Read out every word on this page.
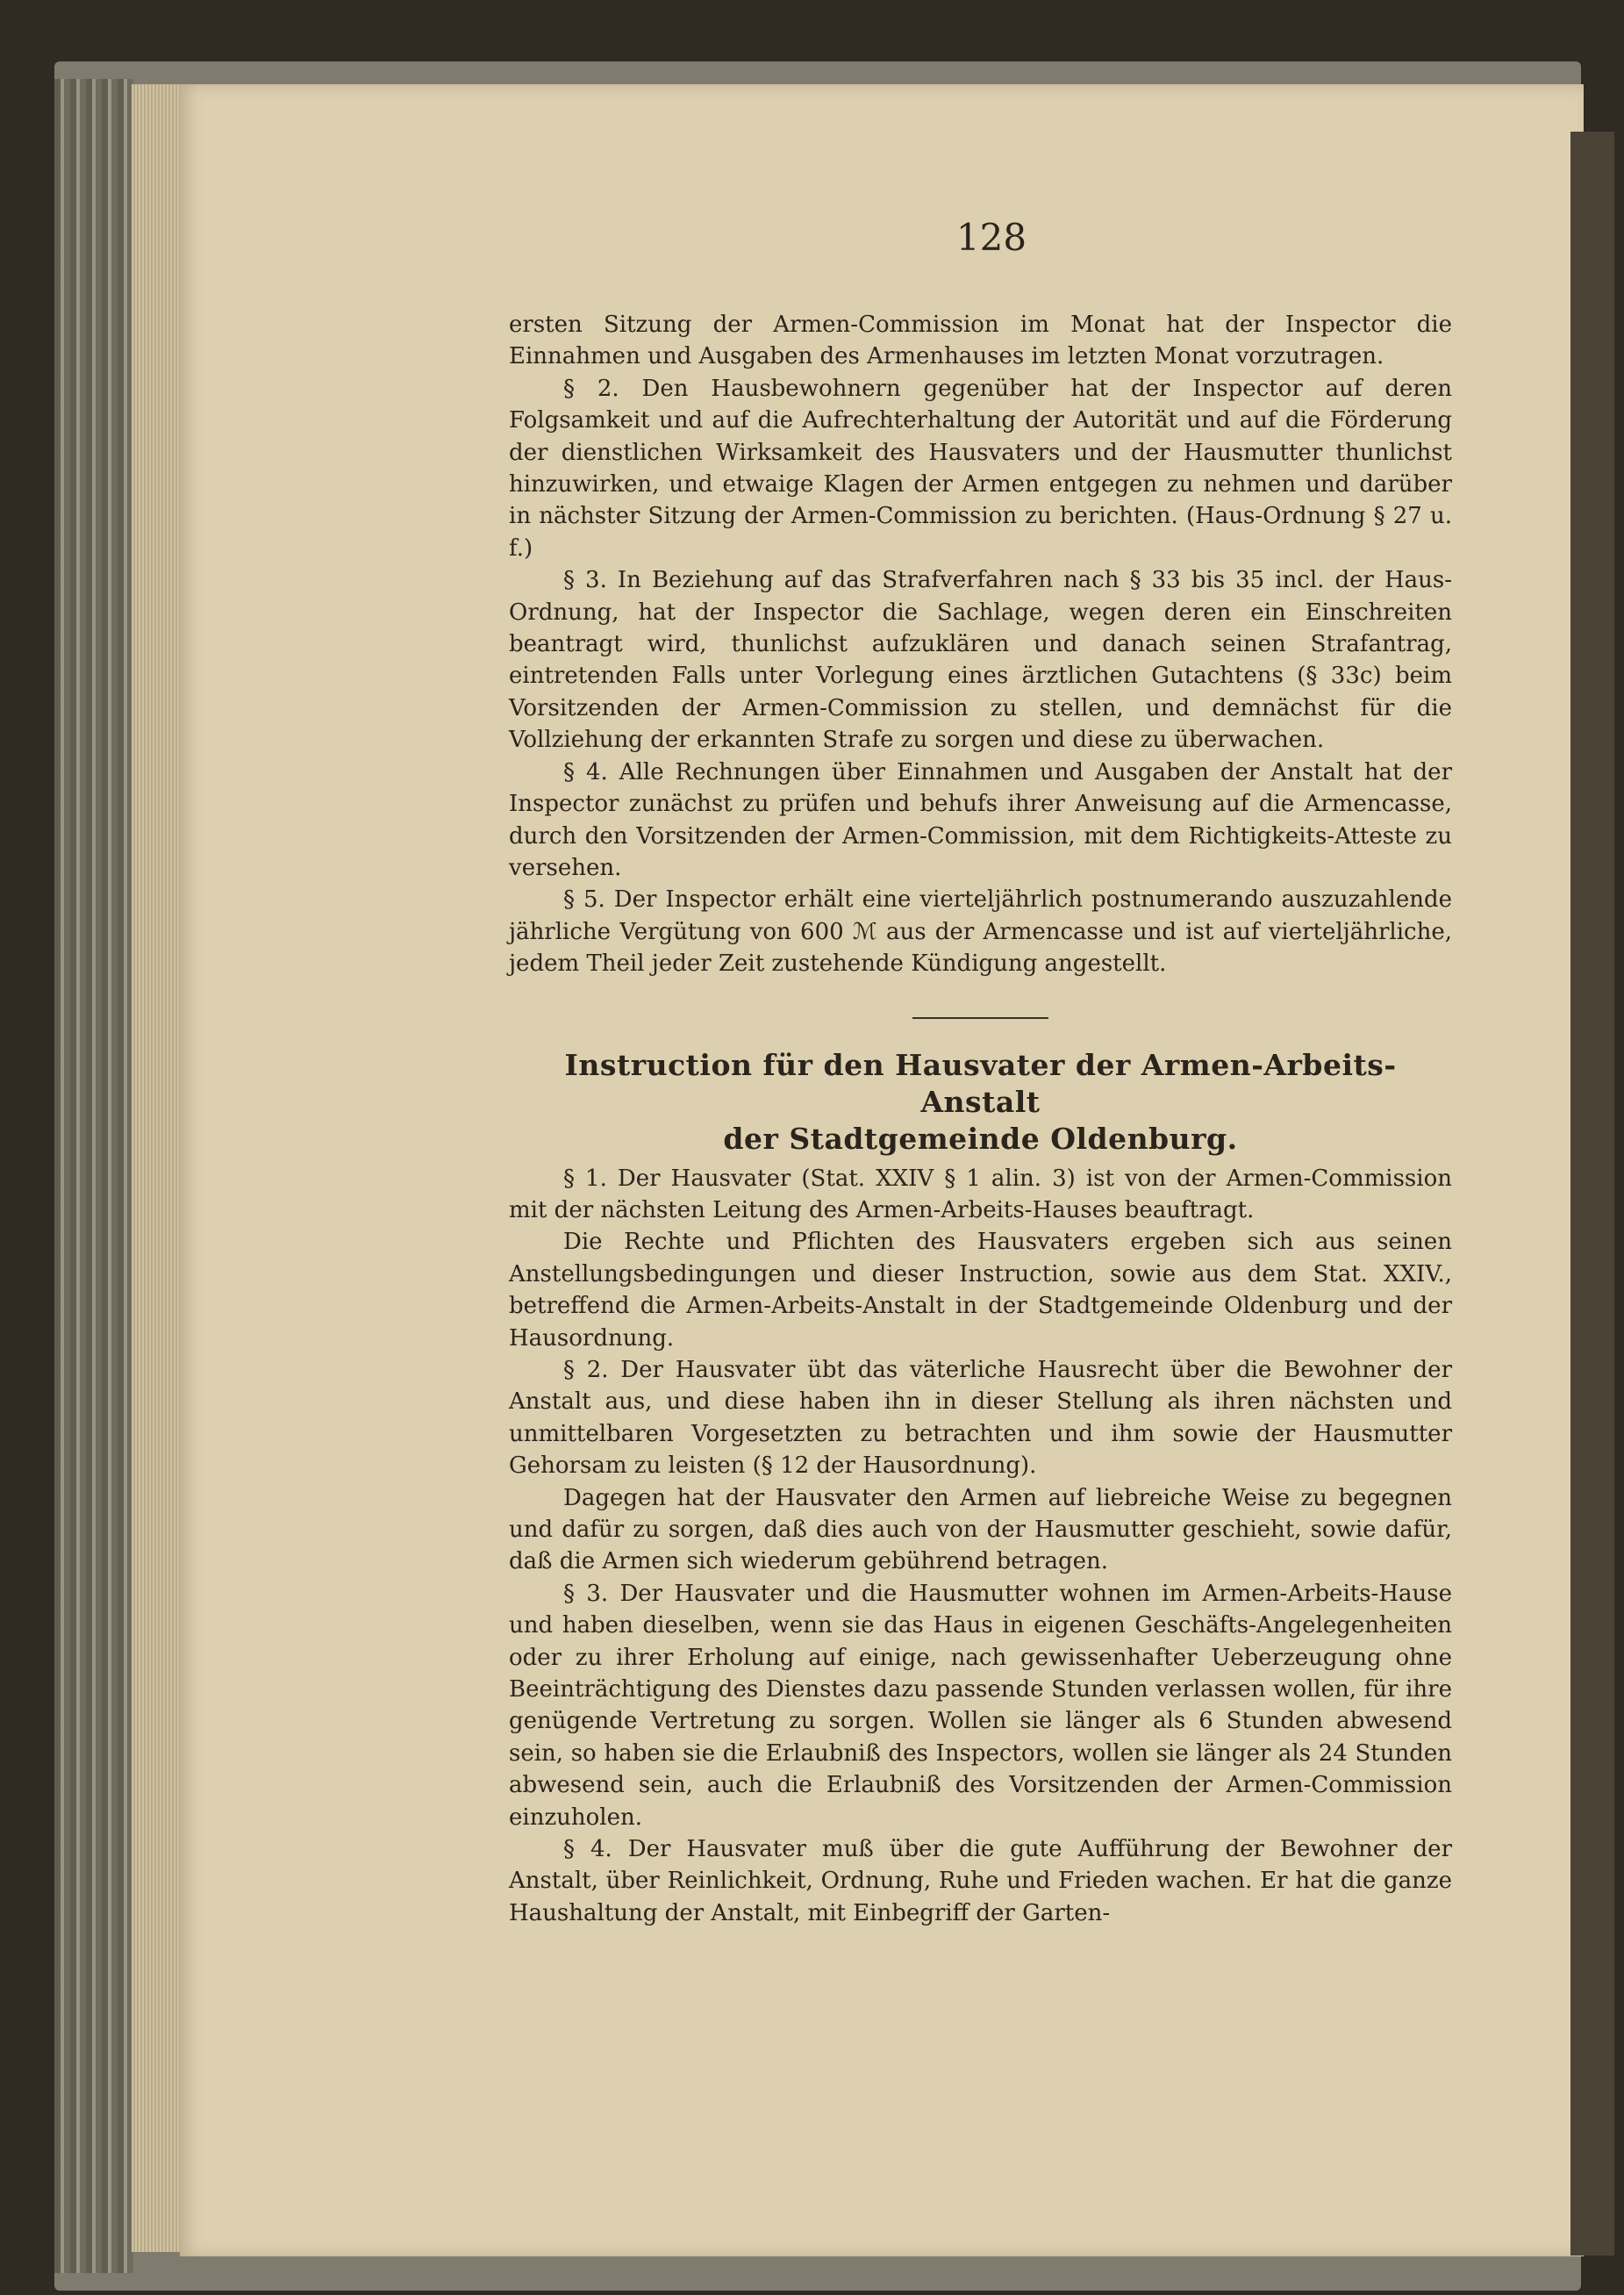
128

ersten Sitzung der Armen-Commission im Monat hat der Inspector die Einnahmen und Ausgaben des Armenhauses im letzten Monat vorzutragen.

§ 2. Den Hausbewohnern gegenüber hat der Inspector auf deren Folgsamkeit und auf die Aufrechterhaltung der Autorität und auf die Förderung der dienstlichen Wirksamkeit des Hausvaters und der Hausmutter thunlichst hinzuwirken, und etwaige Klagen der Armen entgegen zu nehmen und darüber in nächster Sitzung der Armen-Commission zu berichten. (Haus-Ordnung § 27 u. f.)

§ 3. In Beziehung auf das Strafverfahren nach § 33 bis 35 incl. der Haus-Ordnung, hat der Inspector die Sachlage, wegen deren ein Einschreiten beantragt wird, thunlichst aufzuklären und danach seinen Strafantrag, eintretenden Falls unter Vorlegung eines ärztlichen Gutachtens (§ 33c) beim Vorsitzenden der Armen-Commission zu stellen, und demnächst für die Vollziehung der erkannten Strafe zu sorgen und diese zu überwachen.

§ 4. Alle Rechnungen über Einnahmen und Ausgaben der Anstalt hat der Inspector zunächst zu prüfen und behufs ihrer Anweisung auf die Armencasse, durch den Vorsitzenden der Armen-Commission, mit dem Richtigkeits-Atteste zu versehen.

§ 5. Der Inspector erhält eine vierteljährlich postnumerando auszuzahlende jährliche Vergütung von 600 ℳ aus der Armencasse und ist auf vierteljährliche, jedem Theil jeder Zeit zustehende Kündigung angestellt.

Instruction für den Hausvater der Armen-Arbeits-Anstalt

der Stadtgemeinde Oldenburg.

§ 1. Der Hausvater (Stat. XXIV § 1 alin. 3) ist von der Armen-Commission mit der nächsten Leitung des Armen-Arbeits-Hauses beauftragt.

Die Rechte und Pflichten des Hausvaters ergeben sich aus seinen Anstellungsbedingungen und dieser Instruction, sowie aus dem Stat. XXIV., betreffend die Armen-Arbeits-Anstalt in der Stadtgemeinde Oldenburg und der Hausordnung.

§ 2. Der Hausvater übt das väterliche Hausrecht über die Bewohner der Anstalt aus, und diese haben ihn in dieser Stellung als ihren nächsten und unmittelbaren Vorgesetzten zu betrachten und ihm sowie der Hausmutter Gehorsam zu leisten (§ 12 der Hausordnung).

Dagegen hat der Hausvater den Armen auf liebreiche Weise zu begegnen und dafür zu sorgen, daß dies auch von der Hausmutter geschieht, sowie dafür, daß die Armen sich wiederum gebührend betragen.

§ 3. Der Hausvater und die Hausmutter wohnen im Armen-Arbeits-Hause und haben dieselben, wenn sie das Haus in eigenen Geschäfts-Angelegenheiten oder zu ihrer Erholung auf einige, nach gewissenhafter Ueberzeugung ohne Beeinträchtigung des Dienstes dazu passende Stunden verlassen wollen, für ihre genügende Vertretung zu sorgen. Wollen sie länger als 6 Stunden abwesend sein, so haben sie die Erlaubniß des Inspectors, wollen sie länger als 24 Stunden abwesend sein, auch die Erlaubniß des Vorsitzenden der Armen-Commission einzuholen.

§ 4. Der Hausvater muß über die gute Aufführung der Bewohner der Anstalt, über Reinlichkeit, Ordnung, Ruhe und Frieden wachen. Er hat die ganze Haushaltung der Anstalt, mit Einbegriff der Garten-
